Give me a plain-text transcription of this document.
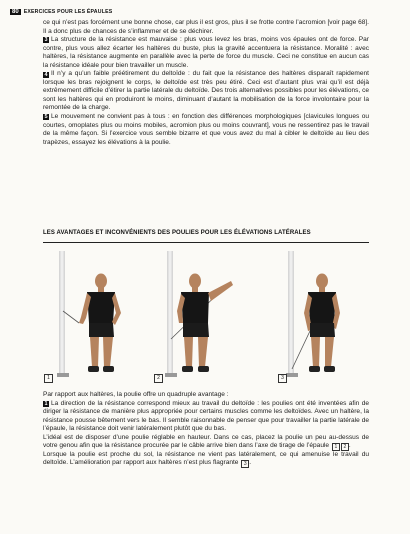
80 EXERCICES POUR LES ÉPAULES

ce qui n’est pas forcément une bonne chose, car plus il est gros, plus il se frotte contre l’acromion [voir page 68]. Il a donc plus de chances de s’inflammer et de se déchirer.

3 La structure de la résistance est mauvaise : plus vous levez les bras, moins vos épaules ont de force. Par contre, plus vous allez écarter les haltères du buste, plus la gravité accentuera la résistance. Moralité : avec haltères, la résistance augmente en parallèle avec la perte de force du muscle. Ceci ne constitue en aucun cas la résistance idéale pour bien travailler un muscle.

4 Il n’y a qu’un faible préétirement du deltoïde : du fait que la résistance des haltères disparaît rapidement lorsque les bras rejoignent le corps, le deltoïde est très peu étiré. Ceci est d’autant plus vrai qu’il est déjà extrêmement difficile d’étirer la partie latérale du deltoïde. Des trois alternatives possibles pour les élévations, ce sont les haltères qui en produiront le moins, diminuant d’autant la mobilisation de la force involontaire pour la remontée de la charge.

5 Le mouvement ne convient pas à tous : en fonction des différences morphologiques [clavicules longues ou courtes, omoplates plus ou moins mobiles, acromion plus ou moins couvrant], vous ne ressentirez pas le travail de la même façon. Si l’exercice vous semble bizarre et que vous avez du mal à cibler le deltoïde au lieu des trapèzes, essayez les élévations à la poulie.

LES AVANTAGES ET INCONVÉNIENTS DES POULIES POUR LES ÉLÉVATIONS LATÉRALES
1	2	3

Par rapport aux haltères, la poulie offre un quadruple avantage :

1 La direction de la résistance correspond mieux au travail du deltoïde : les poulies ont été inventées afin de diriger la résistance de manière plus appropriée pour certains muscles comme les deltoïdes. Avec un haltère, la résistance pousse bêtement vers le bas. Il semble raisonnable de penser que pour travailler la partie latérale de l’épaule, la résistance doit venir latéralement plutôt que du bas.

L’idéal est de disposer d’une poulie réglable en hauteur. Dans ce cas, placez la poulie un peu au-dessus de votre genou afin que la résistance procurée par le câble arrive bien dans l’axe de tirage de l’épaule 1 2 .

Lorsque la poulie est proche du sol, la résistance ne vient pas latéralement, ce qui amenuise le travail du deltoïde. L’amélioration par rapport aux haltères n’est plus flagrante 3 .
